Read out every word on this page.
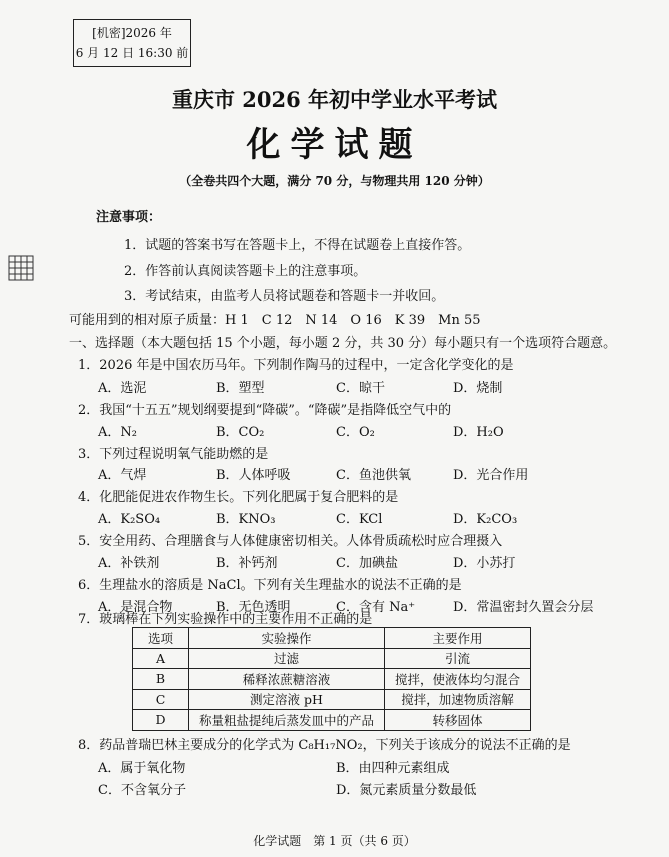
[机密]2026 年
6 月 12 日 16:30 前
重庆市 2026 年初中学业水平考试
化学试题
（全卷共四个大题，满分 70 分，与物理共用 120 分钟）
注意事项：
1．试题的答案书写在答题卡上，不得在试题卷上直接作答。
2．作答前认真阅读答题卡上的注意事项。
3．考试结束，由监考人员将试题卷和答题卡一并收回。
可能用到的相对原子质量：H 1　C 12　N 14　O 16　K 39　Mn 55
一、选择题（本大题包括 15 个小题，每小题 2 分，共 30 分）每小题只有一个选项符合题意。
1．2026 年是中国农历马年。下列制作陶马的过程中，一定含化学变化的是
A．选泥	B．塑型	C．晾干	D．烧制
2．我国“十五五”规划纲要提到“降碳”。“降碳”是指降低空气中的
A．N₂	B．CO₂	C．O₂	D．H₂O
3．下列过程说明氧气能助燃的是
A．气焊	B．人体呼吸	C．鱼池供氧	D．光合作用
4．化肥能促进农作物生长。下列化肥属于复合肥料的是
A．K₂SO₄	B．KNO₃	C．KCl	D．K₂CO₃
5．安全用药、合理膳食与人体健康密切相关。人体骨质疏松时应合理摄入
A．补铁剂	B．补钙剂	C．加碘盐	D．小苏打
6．生理盐水的溶质是 NaCl。下列有关生理盐水的说法不正确的是
A．是混合物	B．无色透明	C．含有 Na⁺	D．常温密封久置会分层
7．玻璃棒在下列实验操作中的主要作用不正确的是
选项	实验操作	主要作用
A	过滤	引流
B	稀释浓蔗糖溶液	搅拌，使液体均匀混合
C	测定溶液 pH	搅拌，加速物质溶解
D	称量粗盐提纯后蒸发皿中的产品	转移固体
8．药品普瑞巴林主要成分的化学式为 C₈H₁₇NO₂，下列关于该成分的说法不正确的是
A．属于氧化物	B．由四种元素组成
C．不含氧分子	D．氮元素质量分数最低
化学试题　第 1 页（共 6 页）
